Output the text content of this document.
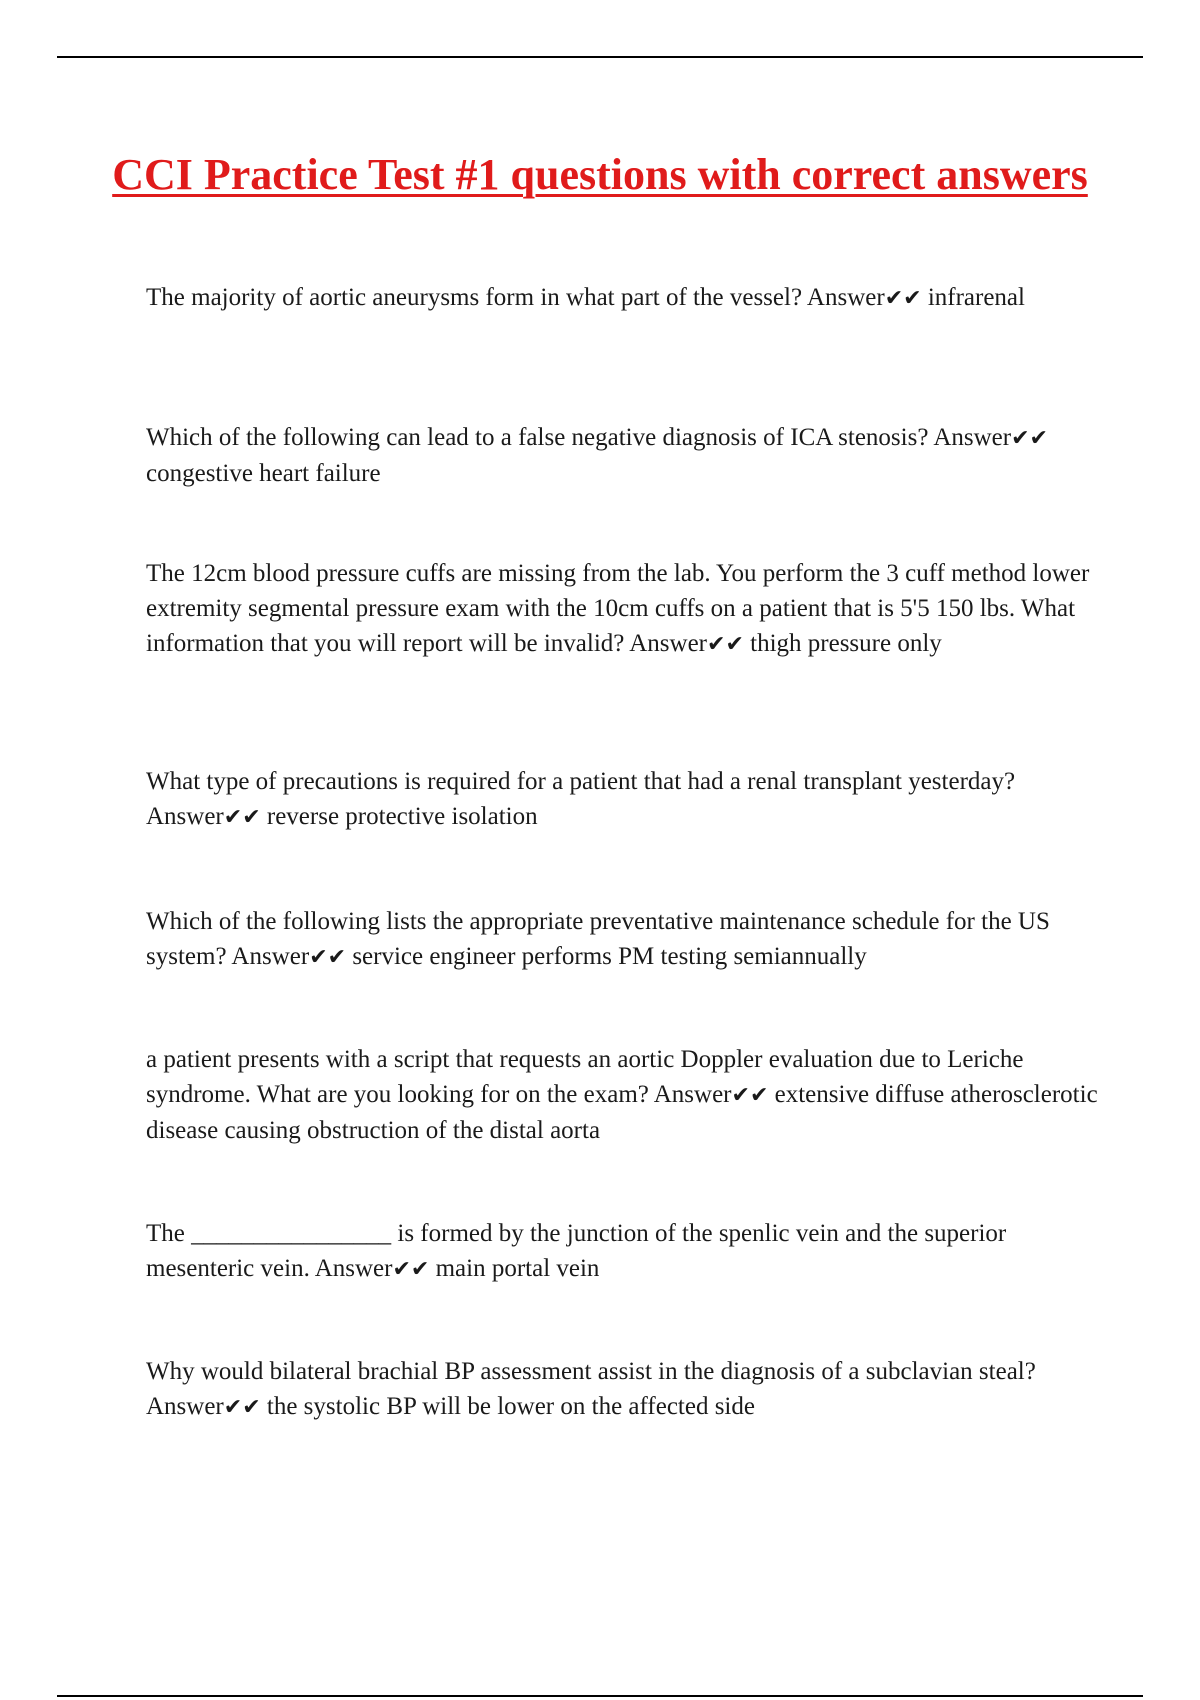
CCI Practice Test #1 questions with correct answers

The majority of aortic aneurysms form in what part of the vessel? Answer✔✔ infrarenal

Which of the following can lead to a false negative diagnosis of ICA stenosis? Answer✔✔ congestive heart failure

The 12cm blood pressure cuffs are missing from the lab. You perform the 3 cuff method lower extremity segmental pressure exam with the 10cm cuffs on a patient that is 5'5 150 lbs. What information that you will report will be invalid? Answer✔✔ thigh pressure only

What type of precautions is required for a patient that had a renal transplant yesterday? Answer✔✔ reverse protective isolation

Which of the following lists the appropriate preventative maintenance schedule for the US system? Answer✔✔ service engineer performs PM testing semiannually

a patient presents with a script that requests an aortic Doppler evaluation due to Leriche syndrome. What are you looking for on the exam? Answer✔✔ extensive diffuse atherosclerotic disease causing obstruction of the distal aorta

The ________________ is formed by the junction of the spenlic vein and the superior mesenteric vein. Answer✔✔ main portal vein

Why would bilateral brachial BP assessment assist in the diagnosis of a subclavian steal? Answer✔✔ the systolic BP will be lower on the affected side
